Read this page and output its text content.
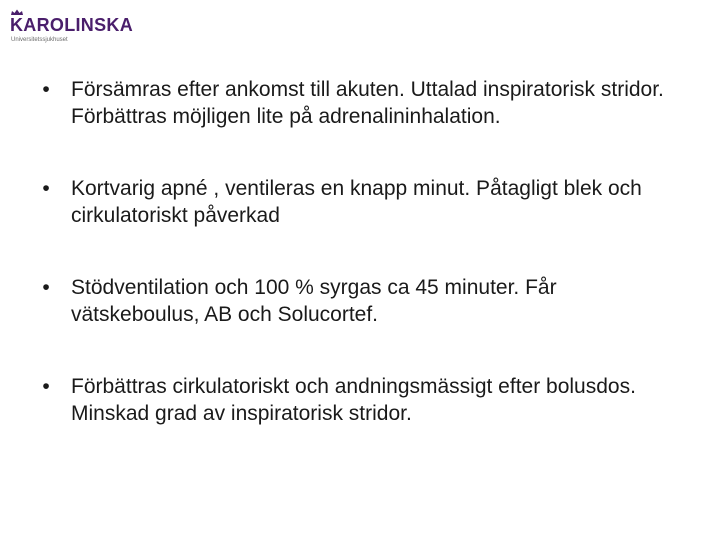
KAROLINSKA
Universitetssjukhuset
• Försämras efter ankomst till akuten. Uttalad inspiratorisk stridor. Förbättras möjligen lite på adrenalininhalation.
• Kortvarig apné , ventileras en knapp minut. Påtagligt blek och cirkulatoriskt påverkad
• Stödventilation och 100 % syrgas ca 45 minuter. Får vätskeboulus, AB och Solucortef.
• Förbättras cirkulatoriskt och andningsmässigt efter bolusdos. Minskad grad av inspiratorisk stridor.
